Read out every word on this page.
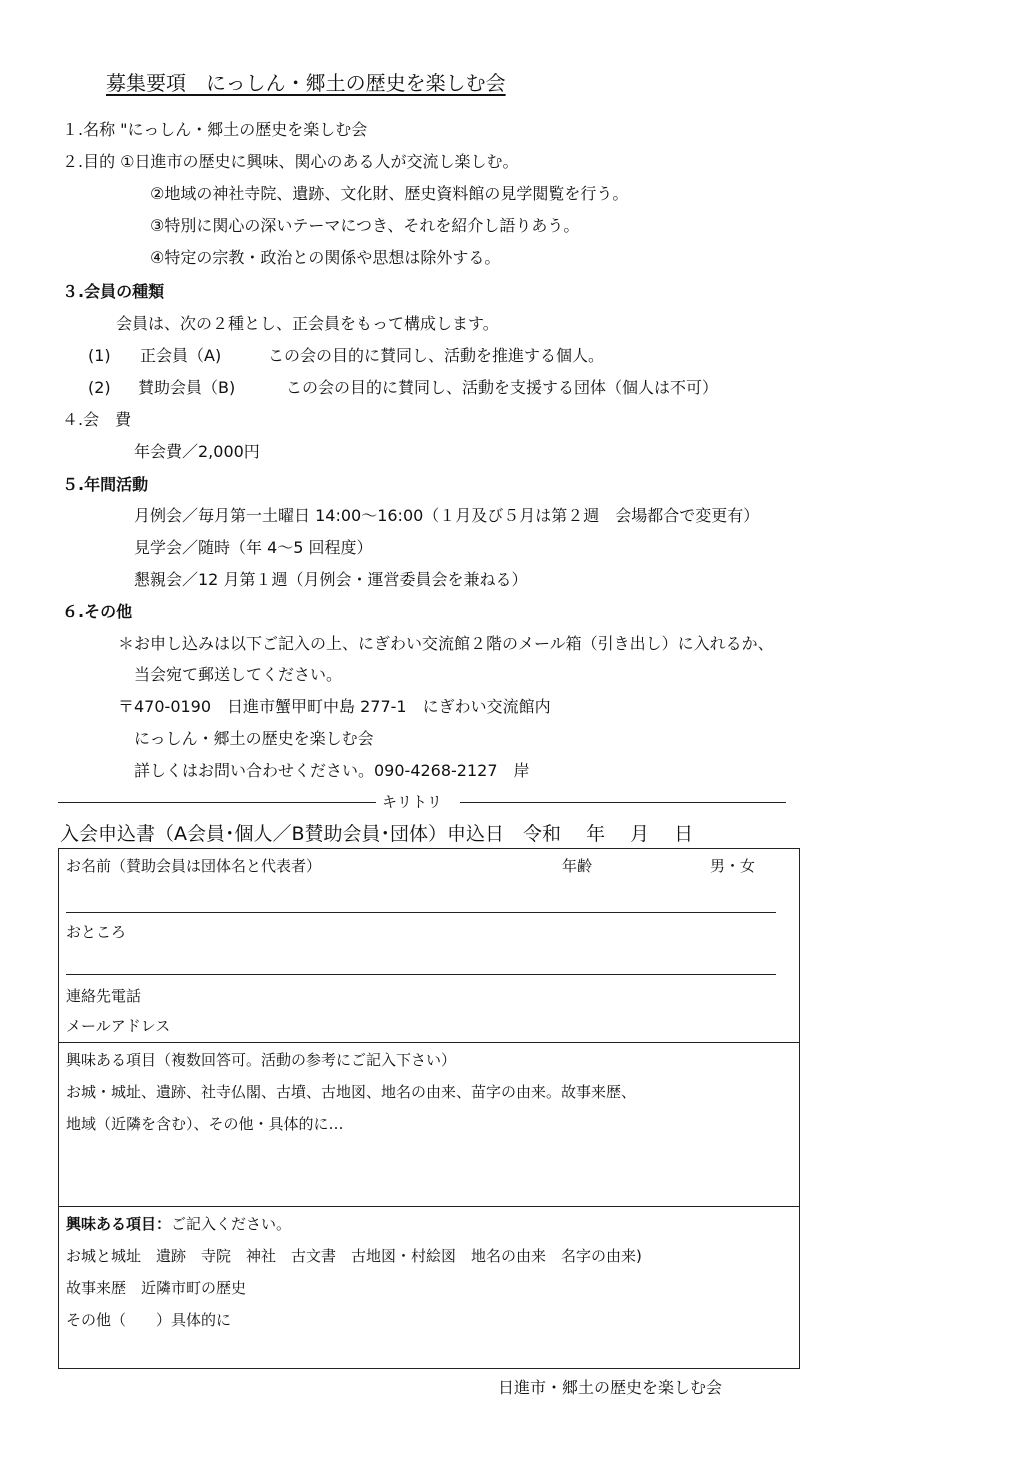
募集要項　にっしん・郷土の歴史を楽しむ会
１.名称 "にっしん・郷土の歴史を楽しむ会
２.目的 ①日進市の歴史に興味、関心のある人が交流し楽しむ。
②地域の神社寺院、遺跡、文化財、歴史資料館の見学閲覧を行う。
③特別に関心の深いテーマにつき、それを紹介し語りあう。
④特定の宗教・政治との関係や思想は除外する。
３.会員の種類
会員は、次の２種とし、正会員をもって構成します。
(1) 正会員（A)	この会の目的に賛同し、活動を推進する個人。
(2) 賛助会員（B)	この会の目的に賛同し、活動を支援する団体（個人は不可）
４.会　費
年会費／2,000円
５.年間活動
月例会／毎月第一土曜日 14:00～16:00（１月及び５月は第２週　会場都合で変更有）
見学会／随時（年 4～5 回程度）
懇親会／12 月第１週（月例会・運営委員会を兼ねる）
６.その他
＊お申し込みは以下ご記入の上、にぎわい交流館２階のメール箱（引き出し）に入れるか、
当会宛て郵送してください。
〒470-0190　日進市蟹甲町中島 277-1　にぎわい交流館内
にっしん・郷土の歴史を楽しむ会
詳しくはお問い合わせください。090-4268-2127　岸
キリトリ
入会申込書（A会員･個人／B賛助会員･団体）申込日　令和　 年　 月　 日
お名前（賛助会員は団体名と代表者）	年齢	男・女
おところ
連絡先電話
メールアドレス
興味ある項目（複数回答可。活動の参考にご記入下さい）
お城・城址、遺跡、社寺仏閣、古墳、古地図、地名の由来、苗字の由来。故事来歴、
地域（近隣を含む）、その他・具体的に…
興味ある項目：ご記入ください。
お城と城址　遺跡　寺院　神社　古文書　古地図・村絵図　地名の由来　名字の由来)
故事来歴　近隣市町の歴史
その他（　　）具体的に
日進市・郷土の歴史を楽しむ会
